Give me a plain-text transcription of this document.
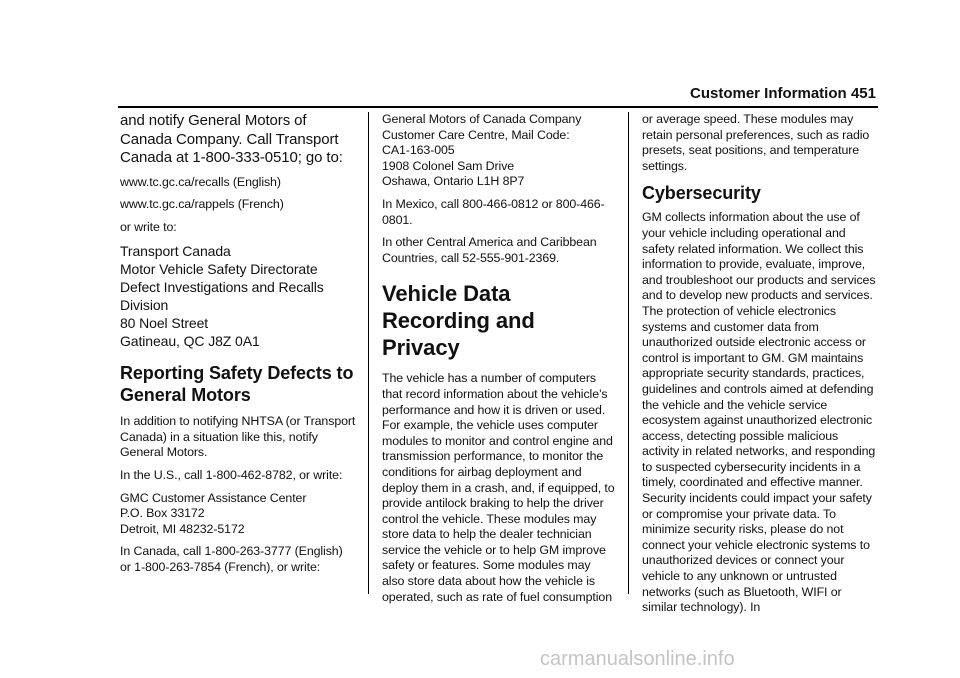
Customer Information 451

and notify General Motors of Canada Company. Call Transport Canada at 1-800-333-0510; go to:

www.tc.gc.ca/recalls (English)

www.tc.gc.ca/rappels (French)

or write to:

Transport Canada
Motor Vehicle Safety Directorate
Defect Investigations and Recalls
Division
80 Noel Street
Gatineau, QC J8Z 0A1
Reporting Safety Defects to General Motors

In addition to notifying NHTSA (or Transport Canada) in a situation like this, notify General Motors.

In the U.S., call 1-800-462-8782, or write:

GMC Customer Assistance Center
P.O. Box 33172
Detroit, MI 48232-5172

In Canada, call 1-800-263-3777 (English) or 1-800-263-7854 (French), or write:

General Motors of Canada Company
Customer Care Centre, Mail Code:
CA1-163-005
1908 Colonel Sam Drive
Oshawa, Ontario L1H 8P7

In Mexico, call 800-466-0812 or 800-466-0801.

In other Central America and Caribbean Countries, call 52-555-901-2369.

Vehicle Data Recording and Privacy

The vehicle has a number of computers that record information about the vehicle’s performance and how it is driven or used. For example, the vehicle uses computer modules to monitor and control engine and transmission performance, to monitor the conditions for airbag deployment and deploy them in a crash, and, if equipped, to provide antilock braking to help the driver control the vehicle. These modules may store data to help the dealer technician service the vehicle or to help GM improve safety or features. Some modules may also store data about how the vehicle is operated, such as rate of fuel consumption

or average speed. These modules may retain personal preferences, such as radio presets, seat positions, and temperature settings.

Cybersecurity

GM collects information about the use of your vehicle including operational and safety related information. We collect this information to provide, evaluate, improve, and troubleshoot our products and services and to develop new products and services. The protection of vehicle electronics systems and customer data from unauthorized outside electronic access or control is important to GM. GM maintains appropriate security standards, practices, guidelines and controls aimed at defending the vehicle and the vehicle service ecosystem against unauthorized electronic access, detecting possible malicious activity in related networks, and responding to suspected cybersecurity incidents in a timely, coordinated and effective manner. Security incidents could impact your safety or compromise your private data. To minimize security risks, please do not connect your vehicle electronic systems to unauthorized devices or connect your vehicle to any unknown or untrusted networks (such as Bluetooth, WIFI or similar technology). In

carmanualsonline.info
